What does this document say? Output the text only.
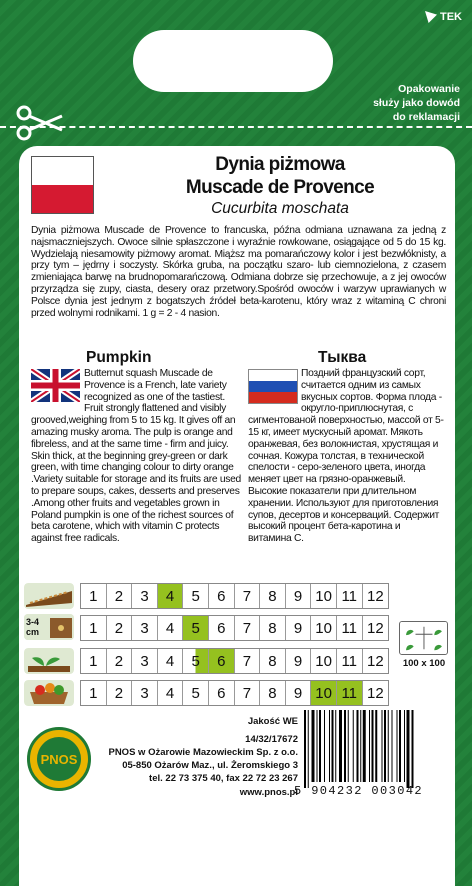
TEK
Opakowanie
służy jako dowód
do reklamacji
Dynia piżmowa
Muscade de Provence
Cucurbita moschata
Dynia piżmowa Muscade de Provence to francuska, późna odmiana uznawana za jedną z najsmaczniejszych. Owoce silnie spłaszczone i wyraźnie rowkowane, osiągające od 5 do 15 kg. Wydzielają niesamowity piżmowy aromat. Miąższ ma pomarańczowy kolor i jest bezwłóknisty, a przy tym – jędrny i soczysty. Skórka gruba, na początku szaro- lub ciemnozielona, z czasem zmieniająca barwę na brudnopomarańczową. Odmiana dobrze się przechowuje, a z jej owoców przyrządza się zupy, ciasta, desery oraz przetwory.Spośród owoców i warzyw uprawianych w Polsce dynia jest jednym z bogatszych źródeł beta-karotenu, który wraz z witaminą C chroni przed wolnymi rodnikami. 1 g = 2 - 4 nasion.
Pumpkin	Тыква
Butternut squash Muscade de Provence is a French, late variety recognized as one of the tastiest. Fruit strongly flattened and visibly grooved,weighing from 5 to 15 kg. It gives off an amazing musky aroma. The pulp is orange and fibreless, and at the same time - firm and juicy. Skin thick, at the beginning grey-green or dark green, with time changing colour to dirty orange .Variety suitable for storage and its fruits are used to prepare soups, cakes, desserts and preserves .Among other fruits and vegetables grown in Poland pumpkin is one of the richest sources of beta carotene, which with vitamin C protects against free radicals.
Поздний французский сорт, считается одним из самых вкусных сортов. Форма плода - округло-приплюснутая, с сигментованой поверхностью, массой от 5-15 кг, имеет мускусный аромат. Мякоть оранжевая, без волокнистая, хрустящая и сочная. Кожура толстая, в технической спелости - серо-зеленого цвета, иногда меняет цвет на грязно-оранжевый. Высокие показатели при длительном хранении. Используют для приготовления супов, десертов и консерваций. Содержит высокий процент бета-каротина и витамина C.
3-4 cm
1	2	3	4	5	6	7	8	9 10 11 12
1	2	3	4	5	6	7	8	9 10 11 12
1	2	3	4	5	6	7	8	9 10 11 12
1	2	3	4	5	6	7	8	9 10 11 12
100 x 100
PNOS
Jakość WE
14/32/17672
PNOS w Ożarowie Mazowieckim Sp. z o.o.
05-850 Ożarów Maz., ul. Żeromskiego 3
tel. 22 73 375 40, fax 22 72 23 267
www.pnos.pl
5 904232 003042
